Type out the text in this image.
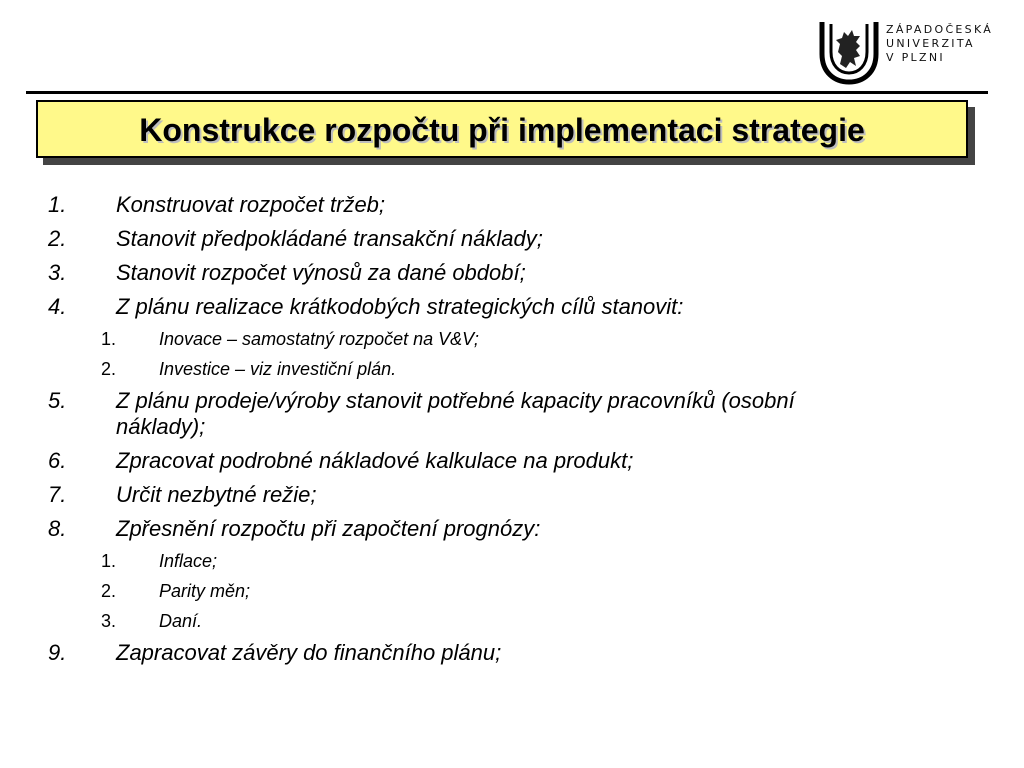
ZÁPADOČESKÁ
UNIVERZITA
V PLZNI
Konstrukce rozpočtu při implementaci strategie
1. Konstruovat rozpočet tržeb;
2. Stanovit předpokládané transakční náklady;
3. Stanovit rozpočet výnosů za dané období;
4. Z plánu realizace krátkodobých strategických cílů stanovit:
1. Inovace – samostatný rozpočet na V&V;
2. Investice – viz investiční plán.
5. Z plánu prodeje/výroby stanovit potřebné kapacity pracovníků (osobní náklady);
6. Zpracovat podrobné nákladové kalkulace na produkt;
7. Určit nezbytné režie;
8. Zpřesnění rozpočtu při započtení prognózy:
1. Inflace;
2. Parity měn;
3. Daní.
9. Zapracovat závěry do finančního plánu;
